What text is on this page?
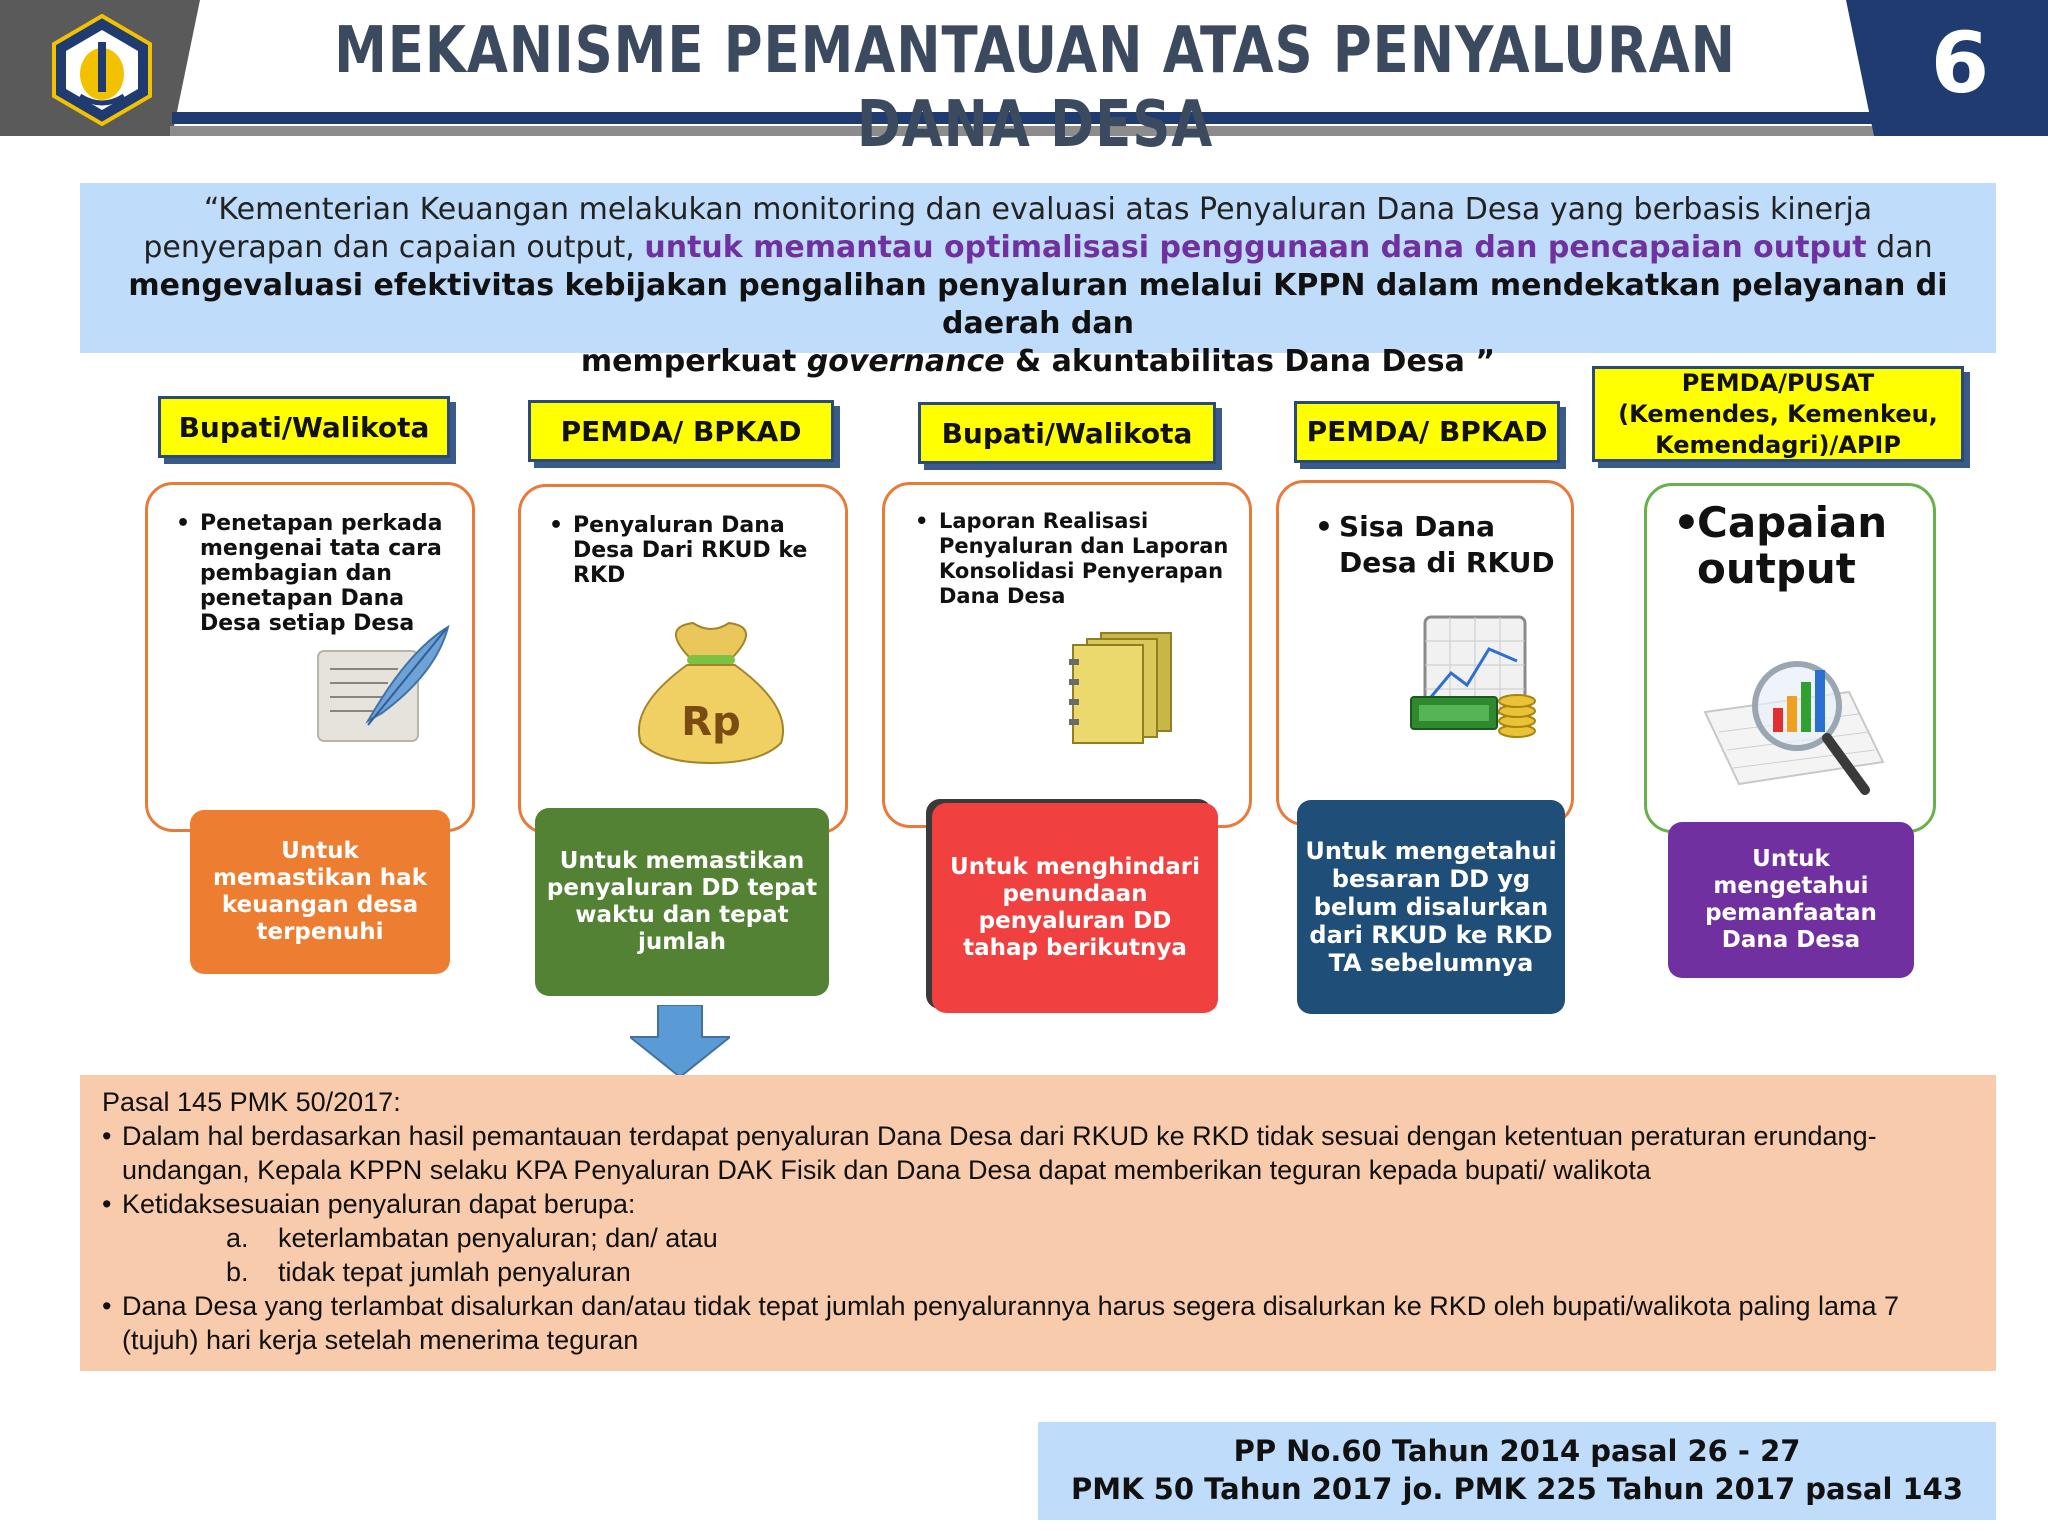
MEKANISME PEMANTAUAN ATAS PENYALURAN DANA DESA
6
“Kementerian Keuangan melakukan monitoring dan evaluasi atas Penyaluran Dana Desa yang berbasis kinerja
penyerapan dan capaian output, untuk memantau optimalisasi penggunaan dana dan pencapaian output dan
mengevaluasi efektivitas kebijakan pengalihan penyaluran melalui KPPN dalam mendekatkan pelayanan di daerah dan
memperkuat governance & akuntabilitas Dana Desa ”
Bupati/Walikota
• Penetapan perkada mengenai tata cara pembagian dan penetapan Dana Desa setiap Desa
Untuk memastikan hak keuangan desa terpenuhi
PEMDA/ BPKAD
• Penyaluran Dana Desa Dari RKUD ke RKD
Rp
Untuk memastikan penyaluran DD tepat waktu dan tepat jumlah
Bupati/Walikota
• Laporan Realisasi Penyaluran dan Laporan Konsolidasi Penyerapan Dana Desa
Untuk menghindari penundaan penyaluran DD tahap berikutnya
PEMDA/ BPKAD
• Sisa Dana Desa di RKUD
Untuk mengetahui besaran DD yg belum disalurkan dari RKUD ke RKD TA sebelumnya
PEMDA/PUSAT (Kemendes, Kemenkeu, Kemendagri)/APIP
•
Capaian output
Untuk mengetahui pemanfaatan Dana Desa
Pasal 145 PMK 50/2017:
• Dalam hal berdasarkan hasil pemantauan terdapat penyaluran Dana Desa dari RKUD ke RKD tidak sesuai dengan ketentuan peraturan erundang-undangan, Kepala KPPN selaku KPA Penyaluran DAK Fisik dan Dana Desa dapat memberikan teguran kepada bupati/ walikota
• Ketidaksesuaian penyaluran dapat berupa:
a. keterlambatan penyaluran; dan/ atau
b. tidak tepat jumlah penyaluran
• Dana Desa yang terlambat disalurkan dan/atau tidak tepat jumlah penyalurannya harus segera disalurkan ke RKD oleh bupati/walikota paling lama 7 (tujuh) hari kerja setelah menerima teguran
PP No.60 Tahun 2014 pasal 26 - 27
PMK 50 Tahun 2017 jo. PMK 225 Tahun 2017 pasal 143
